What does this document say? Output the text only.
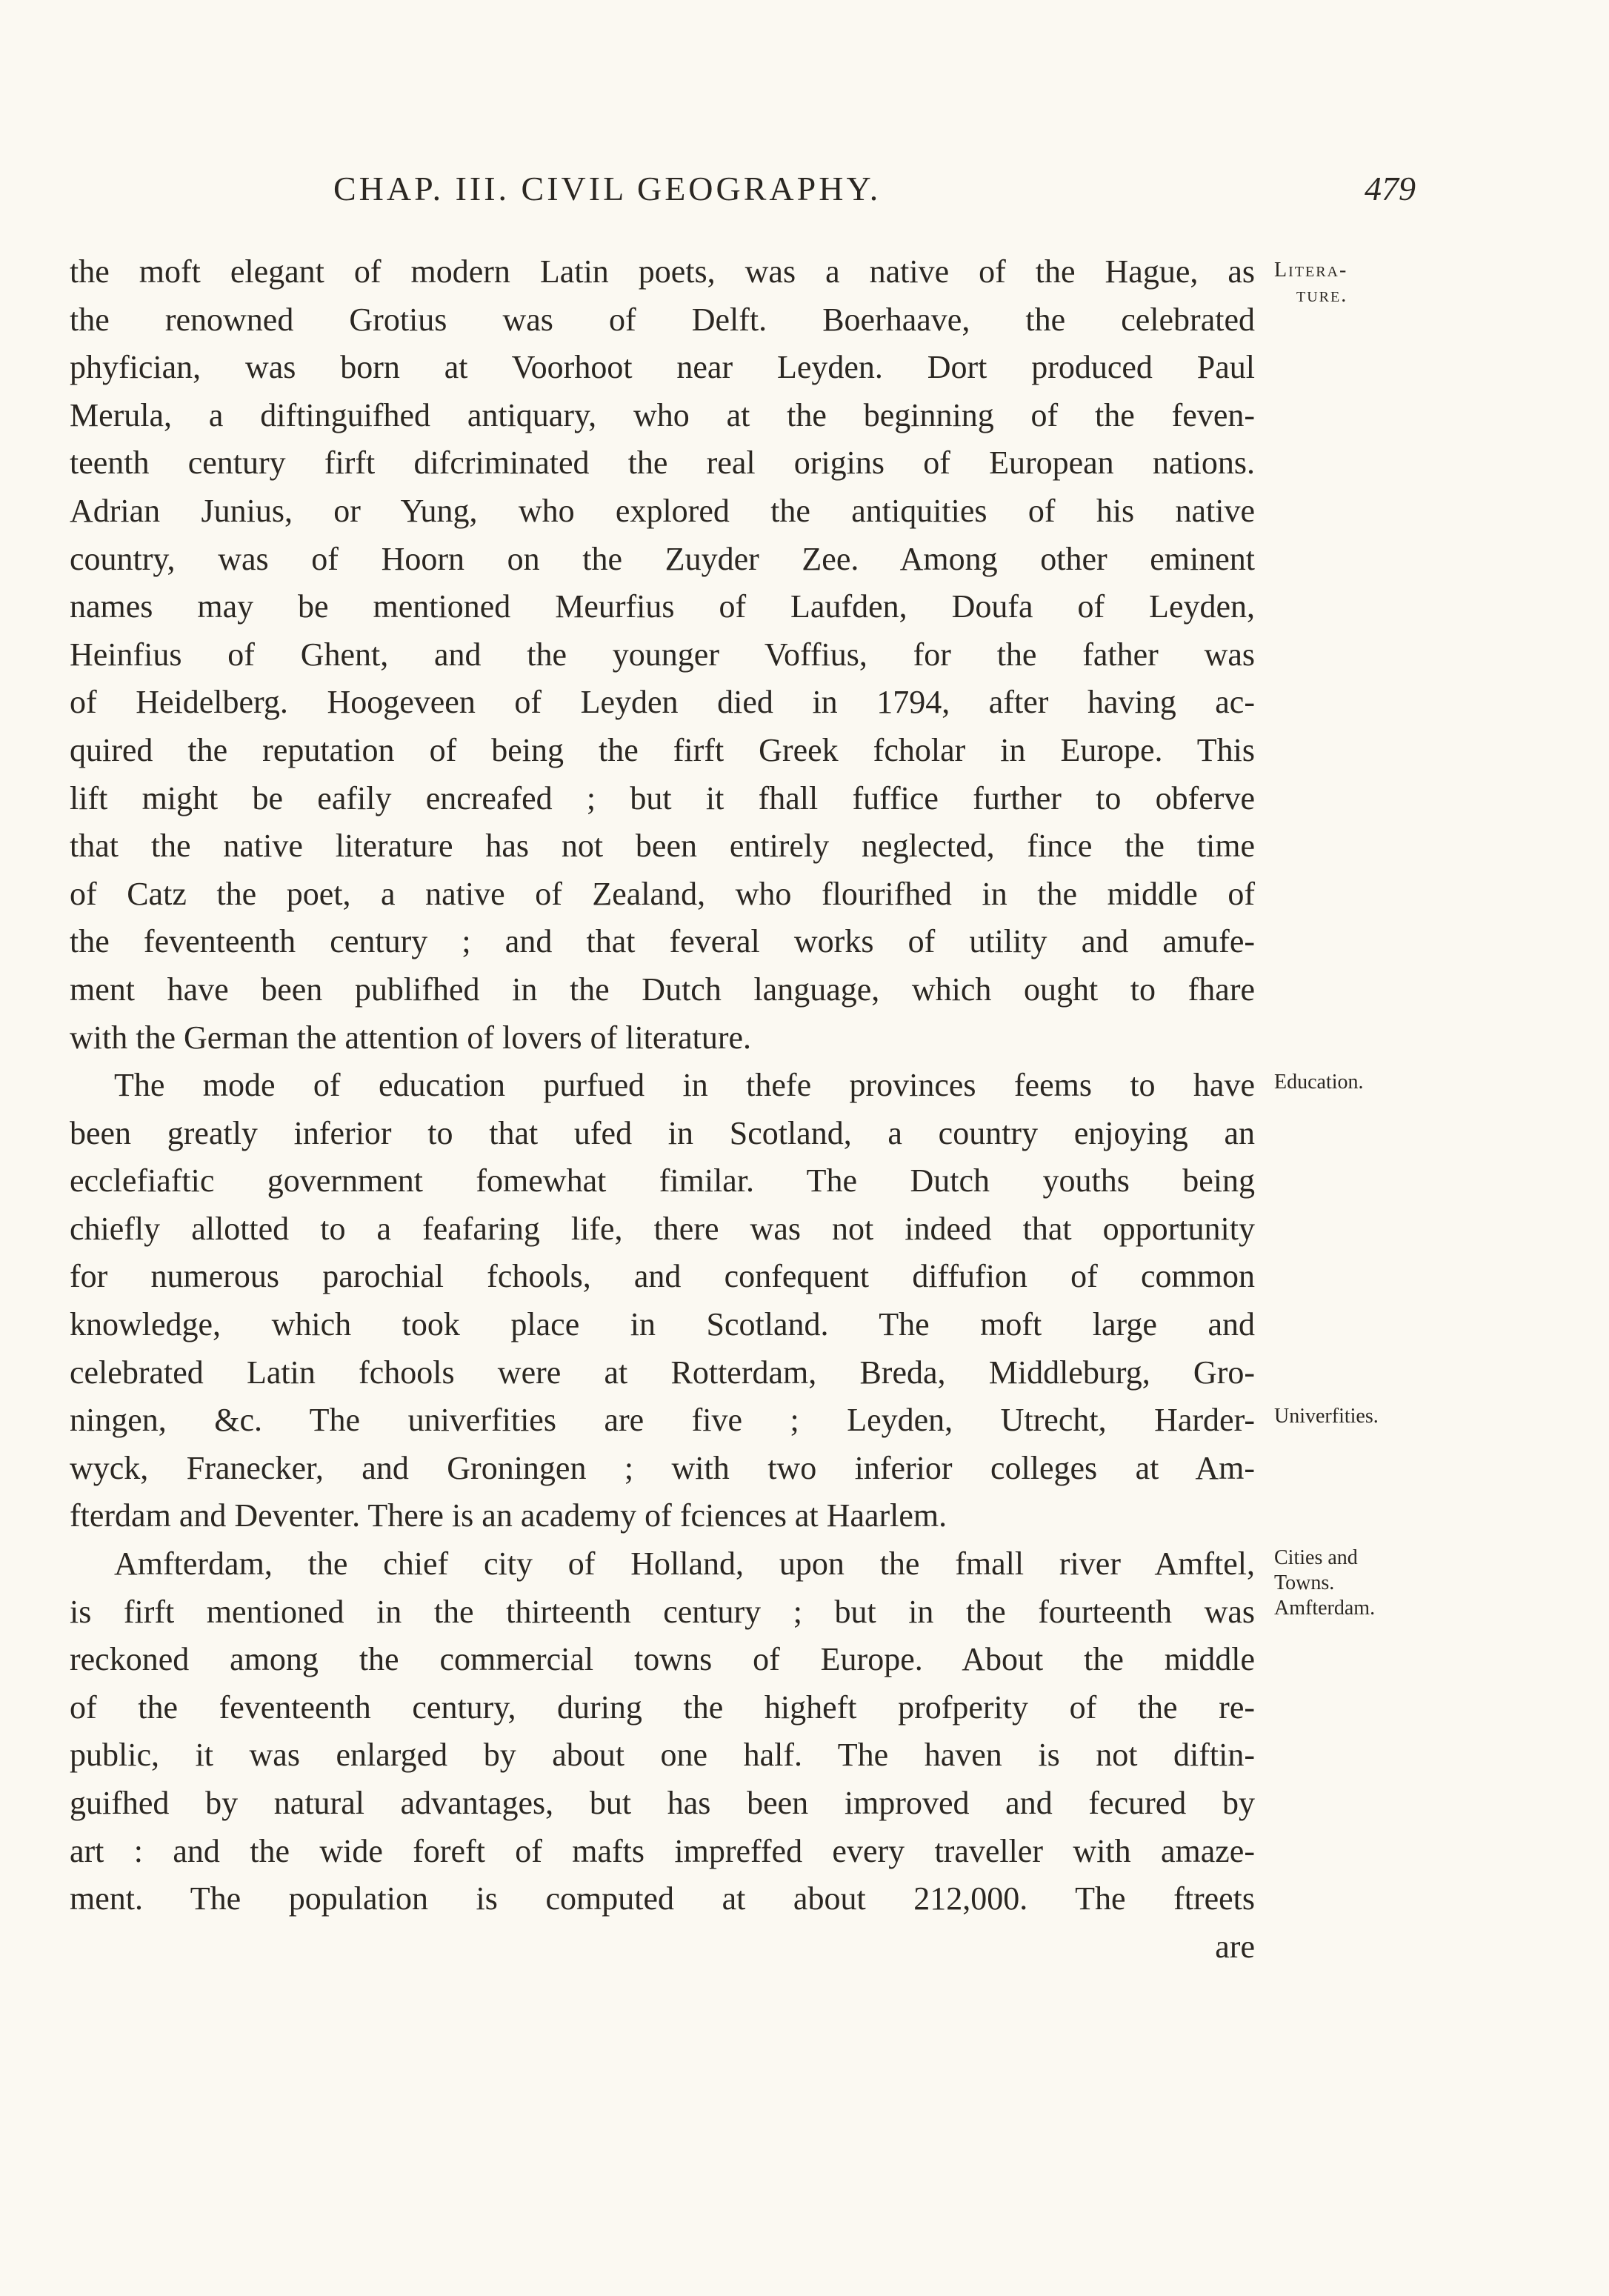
CHAP. III. CIVIL GEOGRAPHY.	479
the moft elegant of modern Latin poets, was a native of the Hague, as
the renowned Grotius was of Delft. Boerhaave, the celebrated
phyfician, was born at Voorhoot near Leyden. Dort produced Paul
Merula, a diftinguifhed antiquary, who at the beginning of the feven-
teenth century firft difcriminated the real origins of European nations.
Adrian Junius, or Yung, who explored the antiquities of his native
country, was of Hoorn on the Zuyder Zee. Among other eminent
names may be mentioned Meurfius of Laufden, Doufa of Leyden,
Heinfius of Ghent, and the younger Voffius, for the father was
of Heidelberg. Hoogeveen of Leyden died in 1794, after having ac-
quired the reputation of being the firft Greek fcholar in Europe. This
lift might be eafily encreafed ; but it fhall fuffice further to obferve
that the native literature has not been entirely neglected, fince the time
of Catz the poet, a native of Zealand, who flourifhed in the middle of
the feventeenth century ; and that feveral works of utility and amufe-
ment have been publifhed in the Dutch language, which ought to fhare
with the German the attention of lovers of literature.
The mode of education purfued in thefe provinces feems to have
been greatly inferior to that ufed in Scotland, a country enjoying an
ecclefiaftic government fomewhat fimilar. The Dutch youths being
chiefly allotted to a feafaring life, there was not indeed that opportunity
for numerous parochial fchools, and confequent diffufion of common
knowledge, which took place in Scotland. The moft large and
celebrated Latin fchools were at Rotterdam, Breda, Middleburg, Gro-
ningen, &c. The univerfities are five ; Leyden, Utrecht, Harder-
wyck, Franecker, and Groningen ; with two inferior colleges at Am-
fterdam and Deventer. There is an academy of fciences at Haarlem.
Amfterdam, the chief city of Holland, upon the fmall river Amftel,
is firft mentioned in the thirteenth century ; but in the fourteenth was
reckoned among the commercial towns of Europe. About the middle
of the feventeenth century, during the higheft profperity of the re-
public, it was enlarged by about one half. The haven is not diftin-
guifhed by natural advantages, but has been improved and fecured by
art : and the wide foreft of mafts impreffed every traveller with amaze-
ment. The population is computed at about 212,000. The ftreets
are
Litera-
ture.
Education.
Univerfities.
Cities and
Towns.
Amfterdam.
